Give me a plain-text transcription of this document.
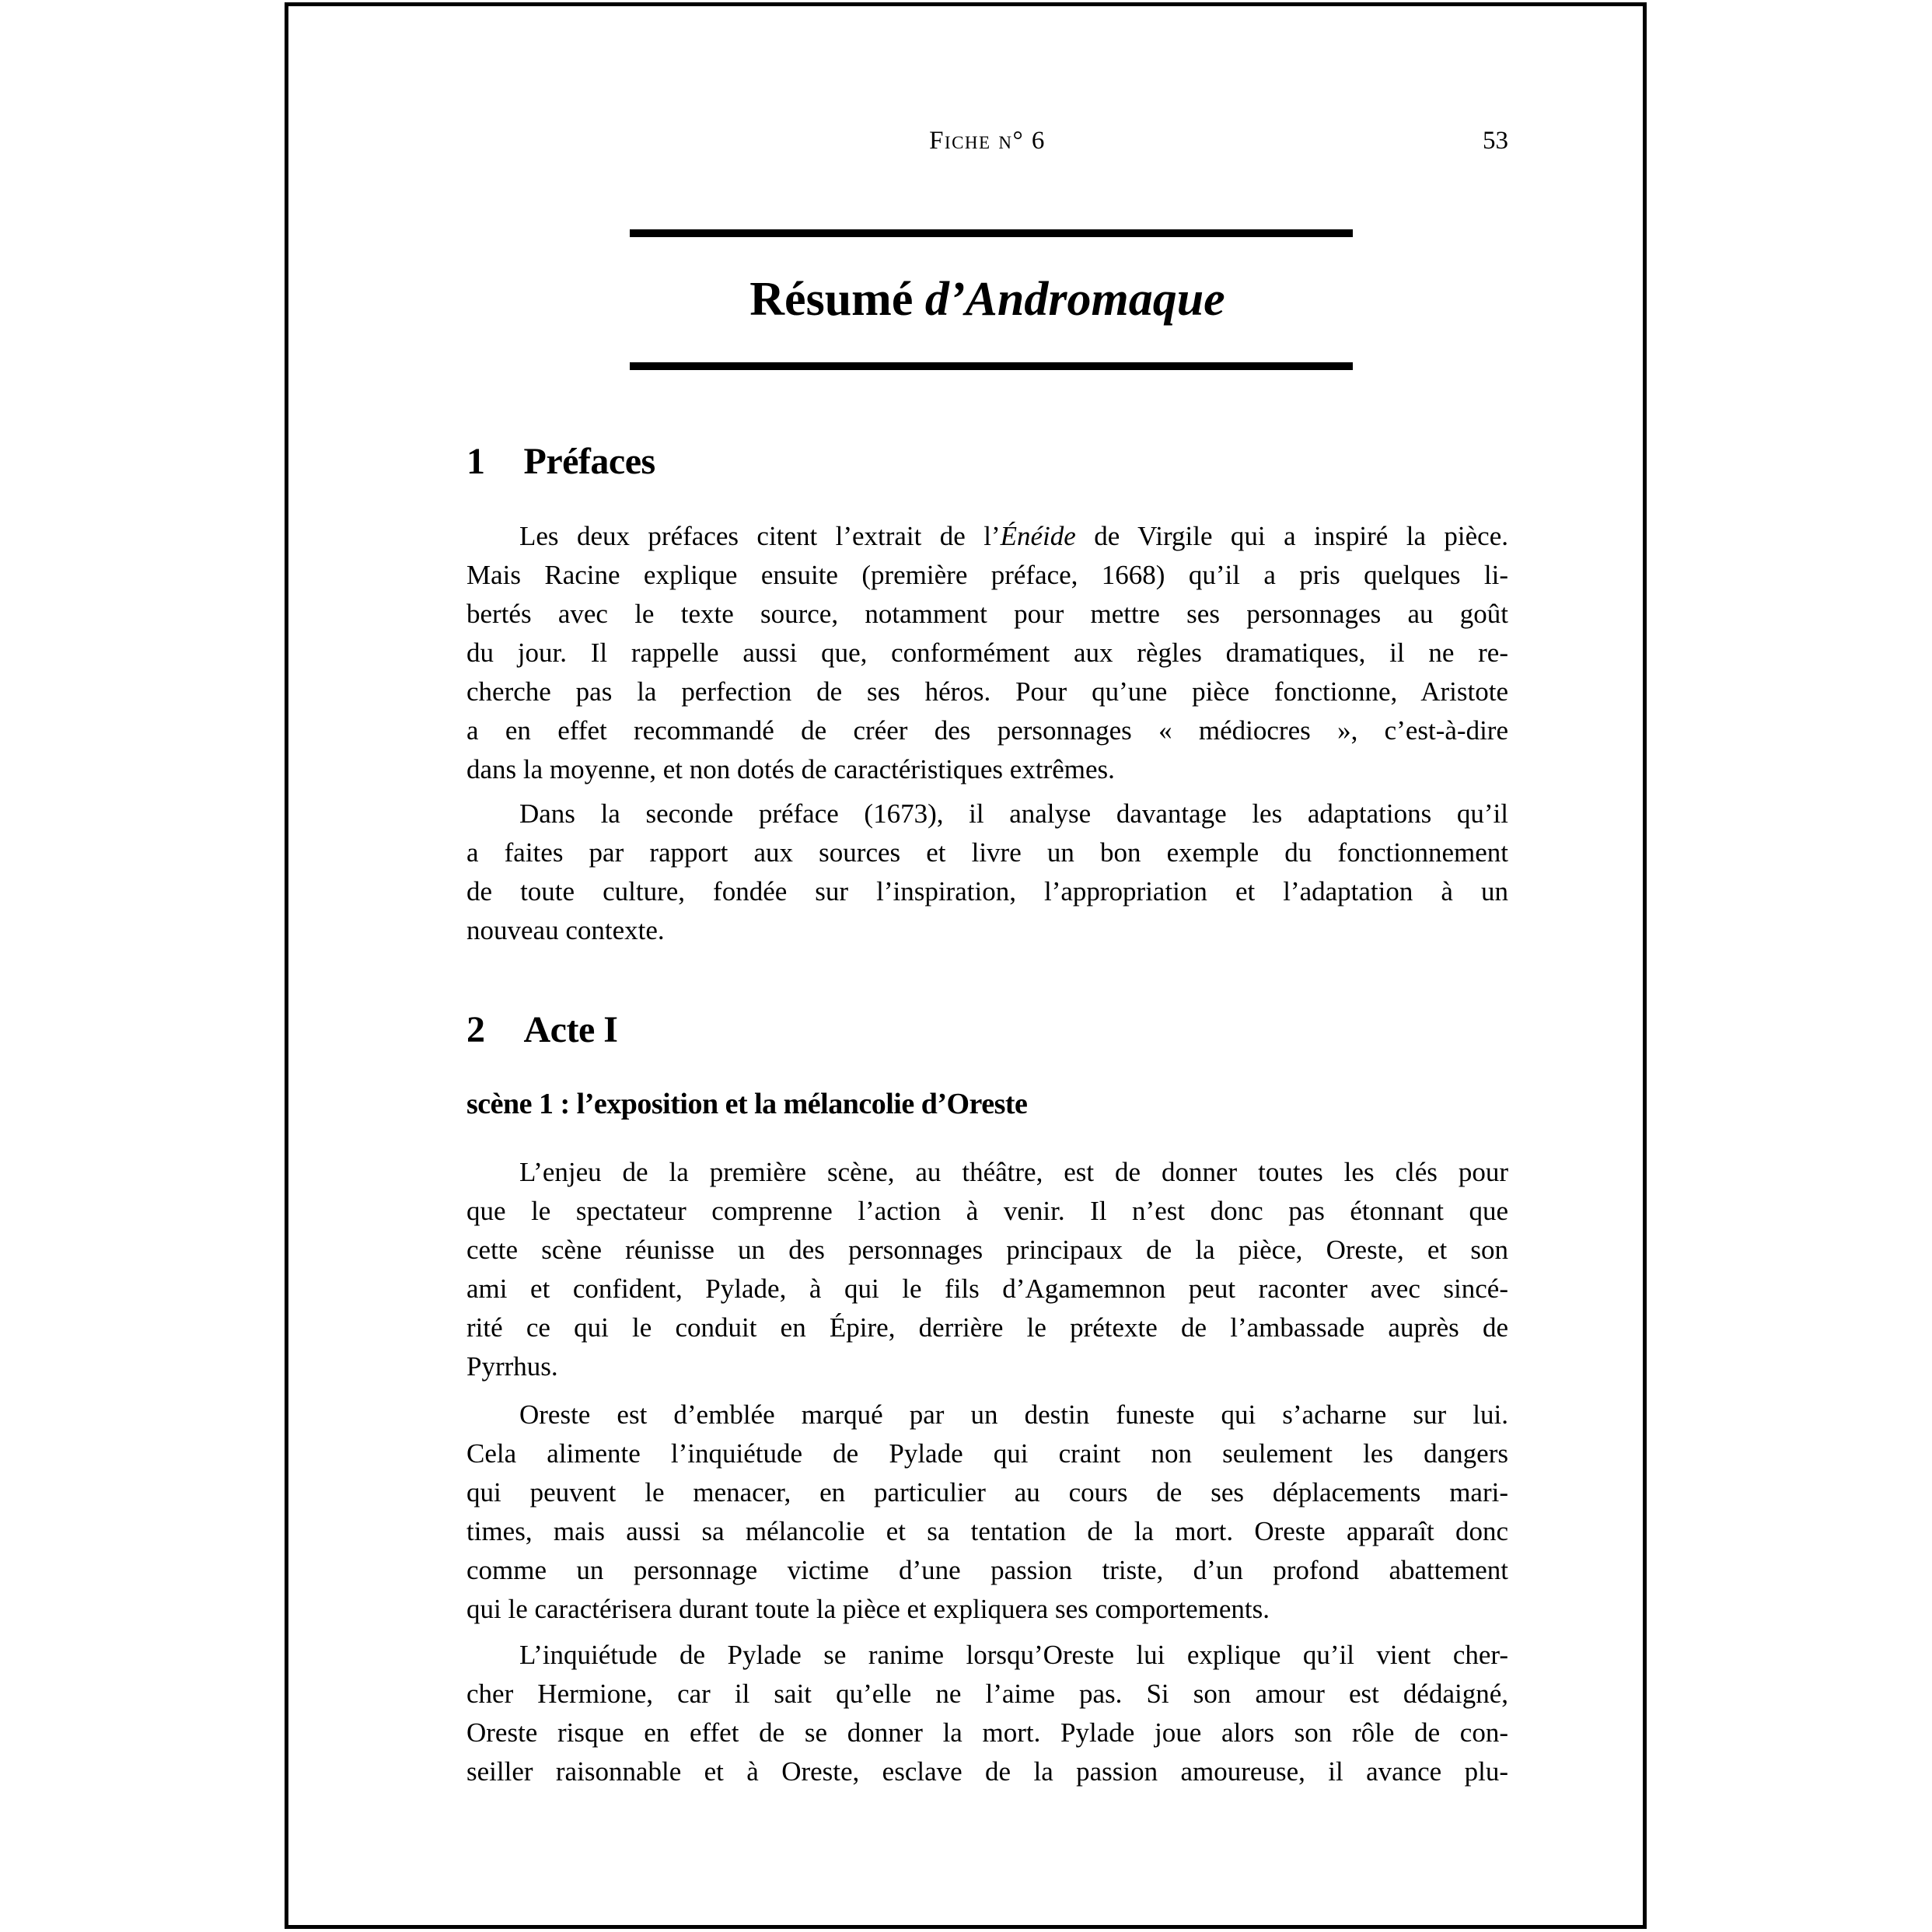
Fiche n° 6	53
Résumé d’Andromaque
1 Préfaces
Les deux préfaces citent l’extrait de l’Énéide de Virgile qui a inspiré la pièce.
Mais Racine explique ensuite (première préface, 1668) qu’il a pris quelques li-
bertés avec le texte source, notamment pour mettre ses personnages au goût
du jour. Il rappelle aussi que, conformément aux règles dramatiques, il ne re-
cherche pas la perfection de ses héros. Pour qu’une pièce fonctionne, Aristote
a en effet recommandé de créer des personnages « médiocres », c’est-à-dire
dans la moyenne, et non dotés de caractéristiques extrêmes.
Dans la seconde préface (1673), il analyse davantage les adaptations qu’il
a faites par rapport aux sources et livre un bon exemple du fonctionnement
de toute culture, fondée sur l’inspiration, l’appropriation et l’adaptation à un
nouveau contexte.
2 Acte I
scène 1 : l’exposition et la mélancolie d’Oreste
L’enjeu de la première scène, au théâtre, est de donner toutes les clés pour
que le spectateur comprenne l’action à venir. Il n’est donc pas étonnant que
cette scène réunisse un des personnages principaux de la pièce, Oreste, et son
ami et confident, Pylade, à qui le fils d’Agamemnon peut raconter avec sincé-
rité ce qui le conduit en Épire, derrière le prétexte de l’ambassade auprès de
Pyrrhus.
Oreste est d’emblée marqué par un destin funeste qui s’acharne sur lui.
Cela alimente l’inquiétude de Pylade qui craint non seulement les dangers
qui peuvent le menacer, en particulier au cours de ses déplacements mari-
times, mais aussi sa mélancolie et sa tentation de la mort. Oreste apparaît donc
comme un personnage victime d’une passion triste, d’un profond abattement
qui le caractérisera durant toute la pièce et expliquera ses comportements.
L’inquiétude de Pylade se ranime lorsqu’Oreste lui explique qu’il vient cher-
cher Hermione, car il sait qu’elle ne l’aime pas. Si son amour est dédaigné,
Oreste risque en effet de se donner la mort. Pylade joue alors son rôle de con-
seiller raisonnable et à Oreste, esclave de la passion amoureuse, il avance plu-
